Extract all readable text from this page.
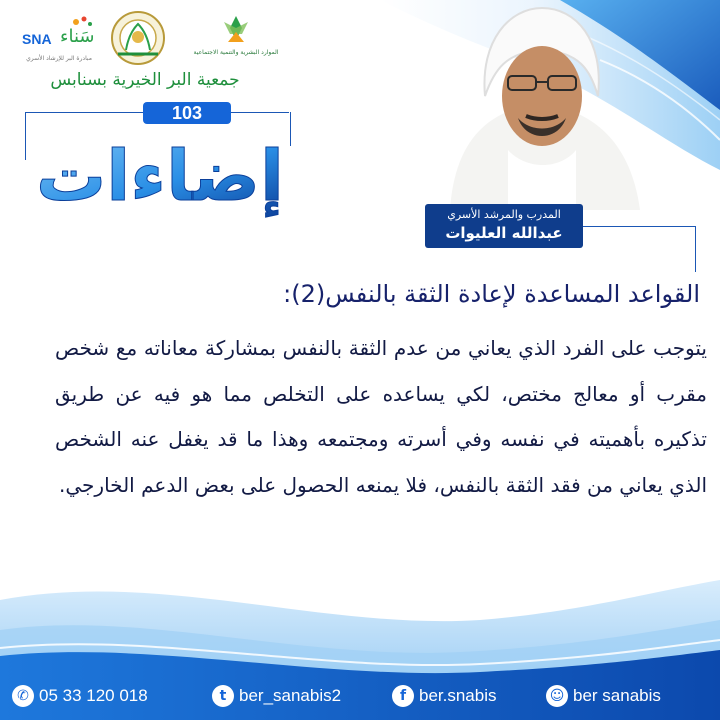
SNA سَناء
مبادرة البر للإرشاد الأسري
الموارد البشرية والتنمية الاجتماعية
جمعية البر الخيرية بسنابس
103
إضاءات	المدرب والمرشد الأسري
عبدالله العليوات
القواعد المساعدة لإعادة الثقة بالنفس(2):
يتوجب على الفرد الذي يعاني من عدم الثقة بالنفس بمشاركة معاناته مع شخص مقرب أو معالج مختص، لكي يساعده على التخلص مما هو فيه عن طريق تذكيره بأهميته في نفسه وفي أسرته ومجتمعه وهذا ما قد يغفل عنه الشخص الذي يعاني من فقد الثقة بالنفس، فلا يمنعه الحصول على بعض الدعم الخارجي.
✆ 05 33 120 018	t ber_sanabis2	f ber.snabis	☺ ber sanabis
